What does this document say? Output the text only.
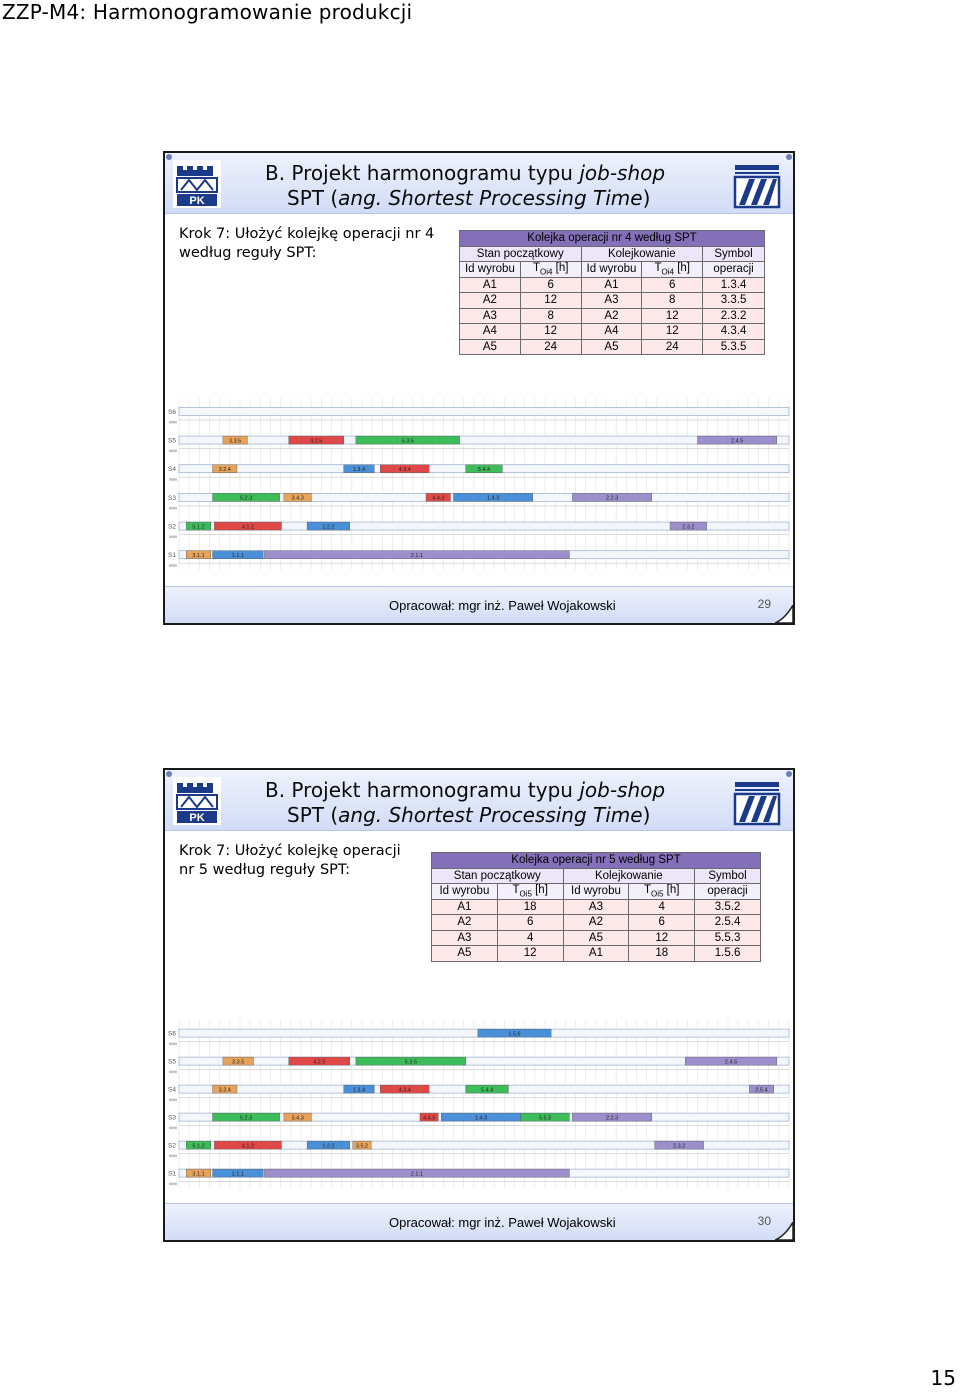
ZZP-M4: Harmonogramowanie produkcji
PK
B. Projekt harmonogramu typu job-shop
SPT (ang. Shortest Processing Time)
Krok 7: Ułożyć kolejkę operacji nr 4 według reguły SPT:
Kolejka operacji nr 4 według SPT				
Stan początkowy		Kolejkowanie		Symbol
Id wyrobu	$T_{Oi4}$ [h]	Id wyrobu	$T_{Oi4}$ [h]	operacji
A1	6	A1	6	1.3.4
A2	12	A3	8	3.3.5
A3	8	A2	12	2.3.2
A4	12	A4	12	4.3.4
A5	24	A5	24	5.3.5
S6
S5	3.3.5	4.2.5	5.3.5	2.4.5
S4	3.2.4	1.3.4	4.3.4	5.4.4
S3	5.2.3	3.4.3	4.4.3	1.4.3	2.2.3
S2	5.1.2	4.1.2	1.2.2	2.3.2
S1	3.1.1	1.1.1	2.1.1
Opracował: mgr inż. Paweł Wojakowski	29
PK
B. Projekt harmonogramu typu job-shop
SPT (ang. Shortest Processing Time)
Krok 7: Ułożyć kolejkę operacji nr 5 według reguły SPT:
Kolejka operacji nr 5 według SPT				
Stan początkowy		Kolejkowanie		Symbol
Id wyrobu	$T_{Oi5}$ [h]	Id wyrobu	$T_{Oi5}$ [h]	operacji
A1	18	A3	4	3.5.2
A2	6	A2	6	2.5.4
A3	4	A5	12	5.5.3
A5	12	A1	18	1.5.6
S6	1.5.6
S5	3.3.5	4.2.5	5.3.5	2.4.5
S4	3.2.4	1.3.4	4.3.4	5.4.4	2.5.4
S3	5.2.3	3.4.3	4.4.3	1.4.3	5.5.3	2.2.3
S2	5.1.2	4.1.2	1.2.2	3.5.2	2.3.2
S1	3.1.1	1.1.1	2.1.1
Opracował: mgr inż. Paweł Wojakowski	30
15
